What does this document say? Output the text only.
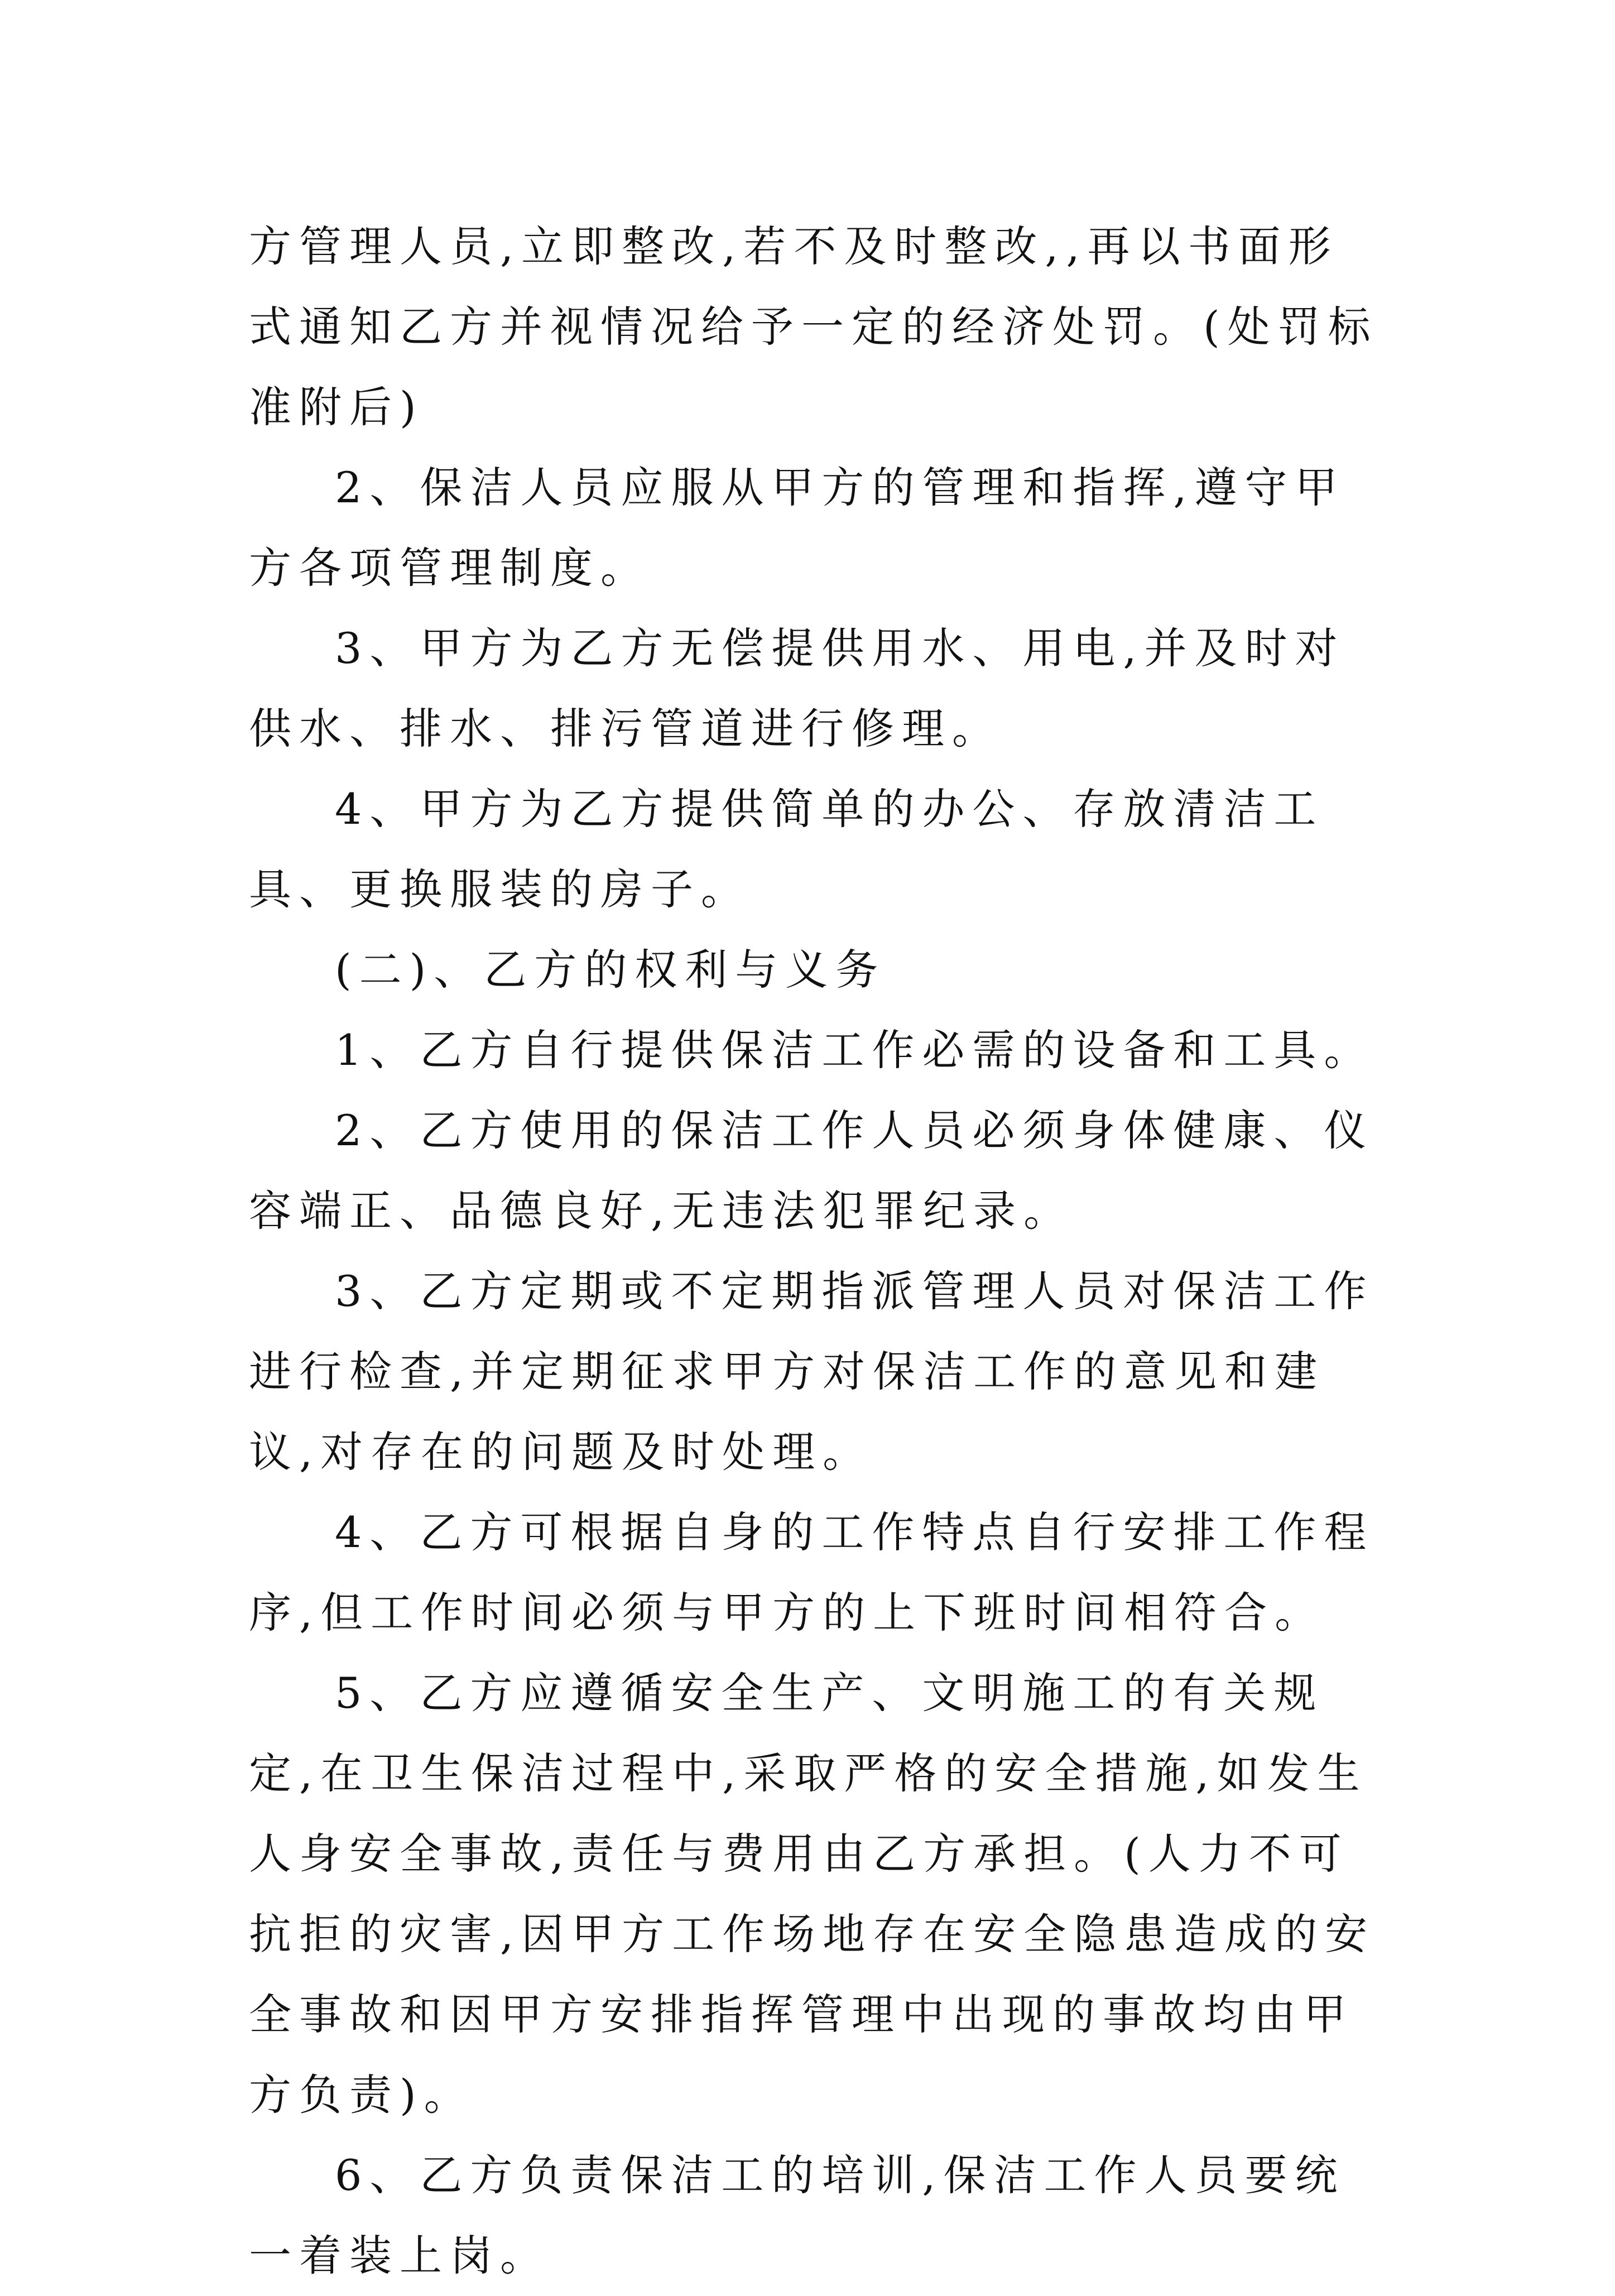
方管理人员,立即整改,若不及时整改,,再以书面形式通知乙方并视情况给予一定的经济处罚。(处罚标准附后)

2、保洁人员应服从甲方的管理和指挥,遵守甲方各项管理制度。

3、甲方为乙方无偿提供用水、用电,并及时对供水、排水、排污管道进行修理。

4、甲方为乙方提供简单的办公、存放清洁工具、更换服装的房子。

(二)、乙方的权利与义务

1、乙方自行提供保洁工作必需的设备和工具。

2、乙方使用的保洁工作人员必须身体健康、仪容端正、品德良好,无违法犯罪纪录。

3、乙方定期或不定期指派管理人员对保洁工作进行检查,并定期征求甲方对保洁工作的意见和建议,对存在的问题及时处理。

4、乙方可根据自身的工作特点自行安排工作程序,但工作时间必须与甲方的上下班时间相符合。

5、乙方应遵循安全生产、文明施工的有关规定,在卫生保洁过程中,采取严格的安全措施,如发生人身安全事故,责任与费用由乙方承担。(人力不可抗拒的灾害,因甲方工作场地存在安全隐患造成的安全事故和因甲方安排指挥管理中出现的事故均由甲方负责)。

6、乙方负责保洁工的培训,保洁工作人员要统一着装上岗。
